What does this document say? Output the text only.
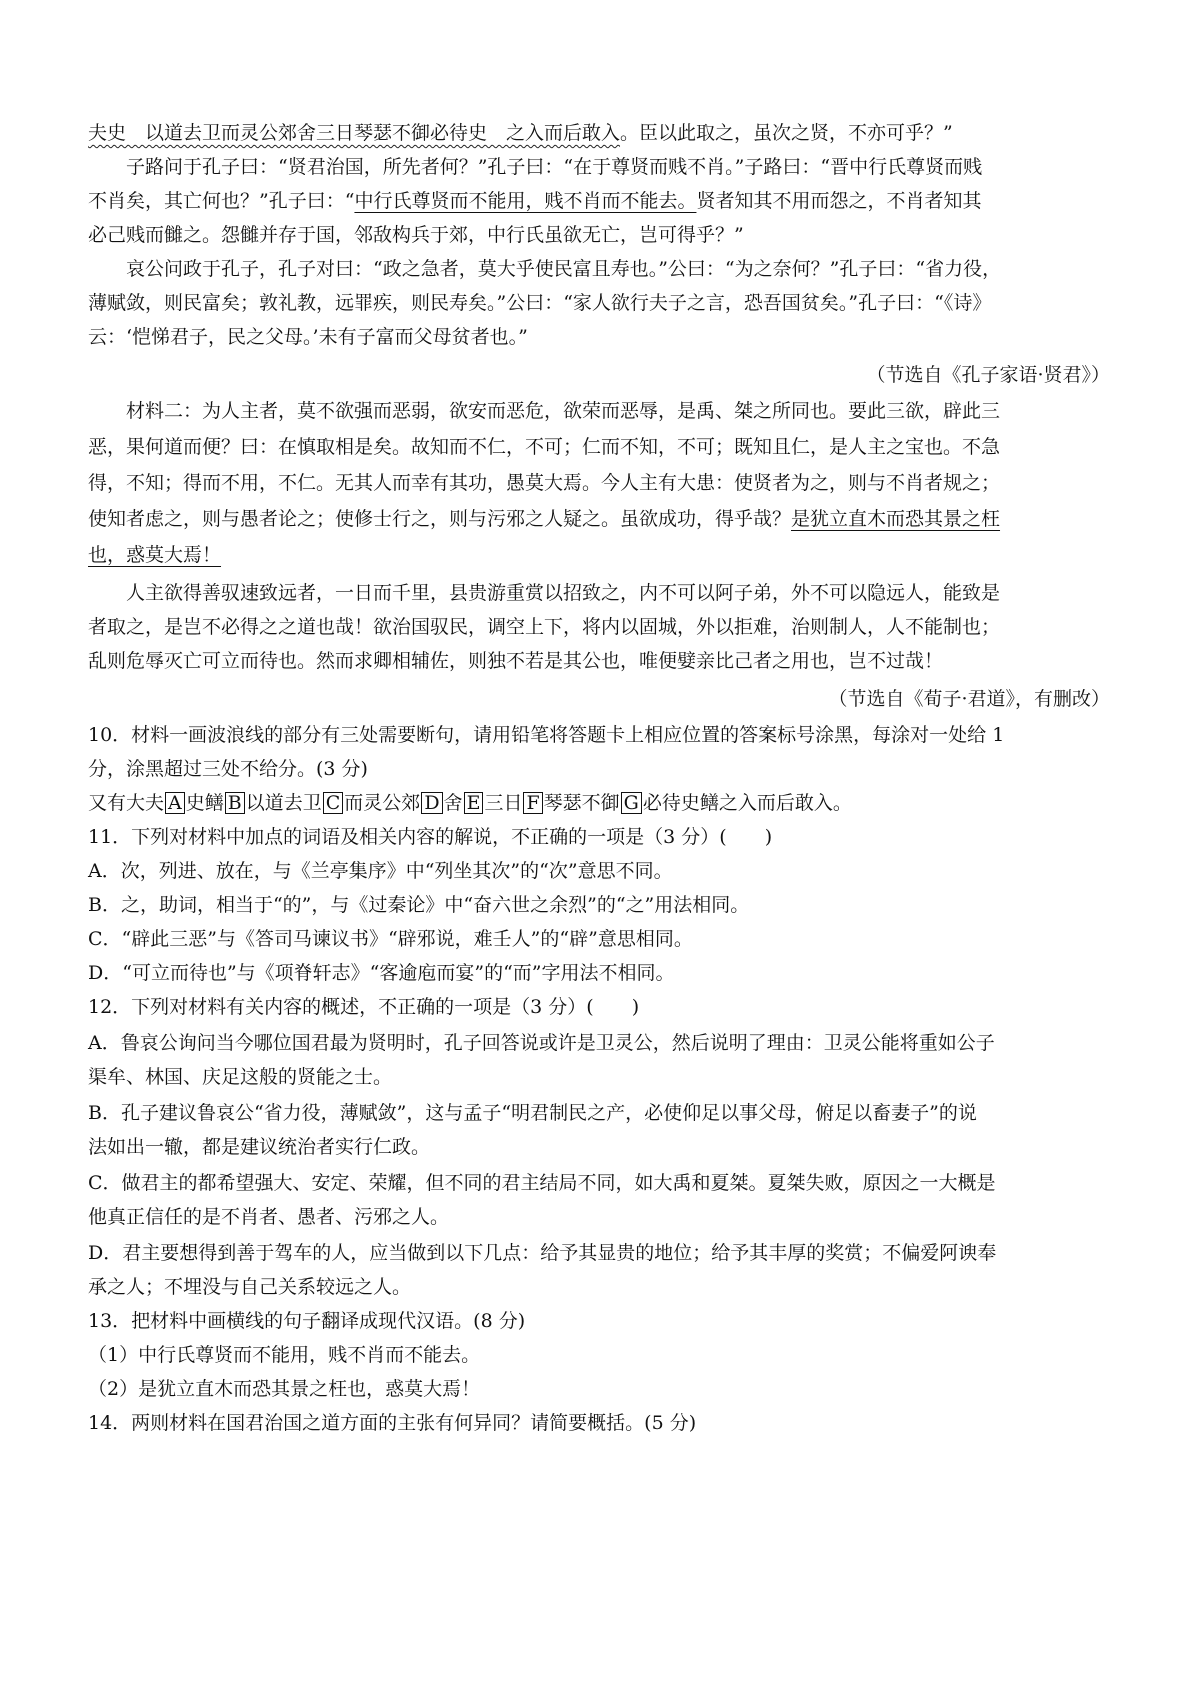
夫史　以道去卫而灵公郊舍三日琴瑟不御必待史　之入而后敢入。臣以此取之，虽次之贤，不亦可乎？”
子路问于孔子曰：“贤君治国，所先者何？”孔子曰：“在于尊贤而贱不肖。”子路曰：“晋中行氏尊贤而贱
不肖矣，其亡何也？”孔子曰：“中行氏尊贤而不能用，贱不肖而不能去。贤者知其不用而怨之，不肖者知其
必己贱而雠之。怨雠并存于国，邻敌构兵于郊，中行氏虽欲无亡，岂可得乎？”
哀公问政于孔子，孔子对曰：“政之急者，莫大乎使民富且寿也。”公曰：“为之奈何？”孔子曰：“省力役，
薄赋敛，则民富矣；敦礼教，远罪疾，则民寿矣。”公曰：“家人欲行夫子之言，恐吾国贫矣。”孔子曰：“《诗》
云：‘恺悌君子，民之父母。’未有子富而父母贫者也。”
（节选自《孔子家语·贤君》）
材料二：为人主者，莫不欲强而恶弱，欲安而恶危，欲荣而恶辱，是禹、桀之所同也。要此三欲，辟此三
恶，果何道而便？曰：在慎取相是矣。故知而不仁，不可；仁而不知，不可；既知且仁，是人主之宝也。不急
得，不知；得而不用，不仁。无其人而幸有其功，愚莫大焉。今人主有大患：使贤者为之，则与不肖者规之；
使知者虑之，则与愚者论之；使修士行之，则与污邪之人疑之。虽欲成功，得乎哉？是犹立直木而恐其景之枉
也，惑莫大焉！
人主欲得善驭速致远者，一日而千里，县贵游重赏以招致之，内不可以阿子弟，外不可以隐远人，能致是
者取之，是岂不必得之之道也哉！欲治国驭民，调空上下，将内以固城，外以拒难，治则制人，人不能制也；
乱则危辱灭亡可立而待也。然而求卿相辅佐，则独不若是其公也，唯便嬖亲比己者之用也，岂不过哉！
（节选自《荀子·君道》，有删改）
10．材料一画波浪线的部分有三处需要断句，请用铅笔将答题卡上相应位置的答案标号涂黑，每涂对一处给 1
分，涂黑超过三处不给分。(3 分)
又有大夫 A 史鳝 B 以道去卫 C 而灵公郊 D 舍 E 三日 F 琴瑟不御 G 必待史鳝之入而后敢入。
11．下列对材料中加点的词语及相关内容的解说，不正确的一项是（3 分）(　　)
A．次，列进、放在，与《兰亭集序》中“列坐其次”的“次”意思不同。
B．之，助词，相当于“的”，与《过秦论》中“奋六世之余烈”的“之”用法相同。
C．“辟此三恶”与《答司马谏议书》“辟邪说，难壬人”的“辟”意思相同。
D．“可立而待也”与《项脊轩志》“客逾庖而宴”的“而”字用法不相同。
12．下列对材料有关内容的概述，不正确的一项是（3 分）(　　)
A．鲁哀公询问当今哪位国君最为贤明时，孔子回答说或许是卫灵公，然后说明了理由：卫灵公能将重如公子
渠牟、林国、庆足这般的贤能之士。
B．孔子建议鲁哀公“省力役，薄赋敛”，这与孟子“明君制民之产，必使仰足以事父母，俯足以畜妻子”的说
法如出一辙，都是建议统治者实行仁政。
C．做君主的都希望强大、安定、荣耀，但不同的君主结局不同，如大禹和夏桀。夏桀失败，原因之一大概是
他真正信任的是不肖者、愚者、污邪之人。
D．君主要想得到善于驾车的人，应当做到以下几点：给予其显贵的地位；给予其丰厚的奖赏；不偏爱阿谀奉
承之人；不埋没与自己关系较远之人。
13．把材料中画横线的句子翻译成现代汉语。(8 分)
（1）中行氏尊贤而不能用，贱不肖而不能去。
（2）是犹立直木而恐其景之枉也，惑莫大焉！
14．两则材料在国君治国之道方面的主张有何异同？请简要概括。(5 分)
